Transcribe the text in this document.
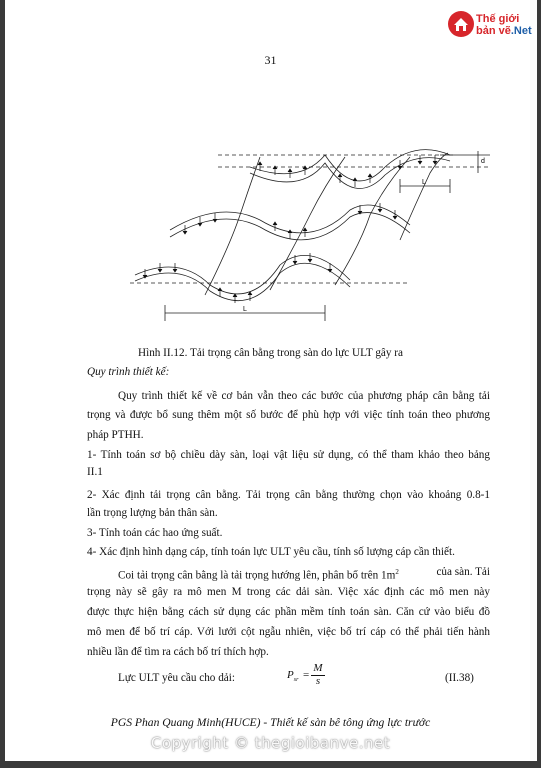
Thế giới
bản vẽ.Net
31
L
L
d
Hình II.12. Tải trọng cân bằng trong sàn do lực ULT gây ra
Quy trình thiết kế:
Quy trình thiết kế về cơ bản vẫn theo các bước của phương pháp cân bằng tải
trọng và được bổ sung thêm một số bước để phù hợp với việc tính toán theo phương
pháp PTHH.
1- Tính toán sơ bộ chiều dày sàn, loại vật liệu sử dụng, có thể tham khảo theo bảng
II.1
2- Xác định tải trọng cân bằng. Tải trọng cân bằng thường chọn vào khoảng 0.8-1
lần trọng lượng bản thân sàn.
3- Tính toán các hao ứng suất.
4- Xác định hình dạng cáp, tính toán lực ULT yêu cầu, tính số lượng cáp cần thiết.
Coi tải trọng cân bằng là tải trọng hướng lên, phân bố trên $1m^2$	của sàn. Tải
trọng này sẽ gây ra mô men M trong các dải sàn. Việc xác định các mô men này
được thực hiện bằng cách sử dụng các phần mềm tính toán sàn. Căn cứ vào biểu đồ
mô men để bố trí cáp. Với lưới cột ngẫu nhiên, việc bố trí cáp có thể phải tiến hành
nhiều lần để tìm ra cách bố trí thích hợp.
Lực ULT yêu cầu cho dải:	$P_{sr}$ =
M
s	(II.38)
PGS Phan Quang Minh(HUCE) - Thiết kế sàn bê tông ứng lực trước
Copyright © thegioibanve.net
